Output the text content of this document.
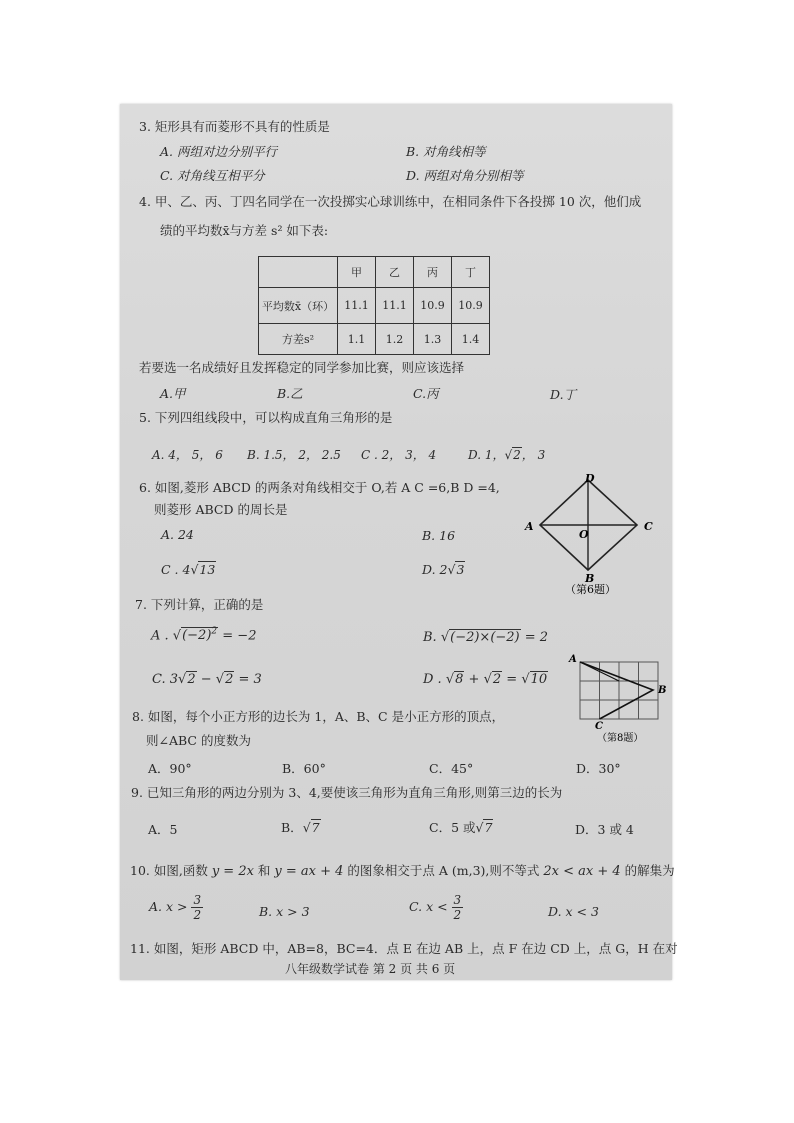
3. 矩形具有而菱形不具有的性质是
A. 两组对边分别平行	B. 对角线相等
C. 对角线互相平分	D. 两组对角分别相等
4. 甲、乙、丙、丁四名同学在一次投掷实心球训练中，在相同条件下各投掷 10 次，他们成
绩的平均数x̄与方差 s² 如下表:
	甲	乙	丙	丁
平均数x̄（环）	11.1	11.1	10.9	10.9
方差s²	1.1	1.2	1.3	1.4
若要选一名成绩好且发挥稳定的同学参加比赛，则应该选择
A.甲	B.乙	C.丙	D.丁
5. 下列四组线段中，可以构成直角三角形的是
A. 4， 5， 6 B. 1.5， 2， 2.5 C . 2， 3， 4	D. 1，√2， 3
6. 如图,菱形 ABCD 的两条对角线相交于 O,若 A C =6,B D =4,
则菱形 ABCD 的周长是
A. 24	B. 16
C . 4√13	D. 2√3
D
A	C
O
B
（第6题）
7. 下列计算，正确的是
A . $√(-2)^2 = -2$	B. √(−2)×(−2) = 2
C. 3√2 − √2 = 3	D . √8 + √2 = √10
A
B
C
（第8题）
8. 如图，每个小正方形的边长为 1，A、B、C 是小正方形的顶点，
则∠ABC 的度数为
A．90°	B．60°	C．45°	D．30°
9. 已知三角形的两边分别为 3、4,要使该三角形为直角三角形,则第三边的长为
A．5	B．√7	C．5 或√7	D．3 或 4
10. 如图,函数 y = 2x 和 y = ax + 4 的图象相交于点 A (m,3),则不等式 2x < ax + 4 的解集为
A. $x > \frac{3}{2}$	B. x > 3	C. $x < \frac{3}{2}$	D. x < 3
11. 如图，矩形 ABCD 中，AB=8，BC=4．点 E 在边 AB 上，点 F 在边 CD 上，点 G，H 在对
八年级数学试卷 第 2 页 共 6 页
